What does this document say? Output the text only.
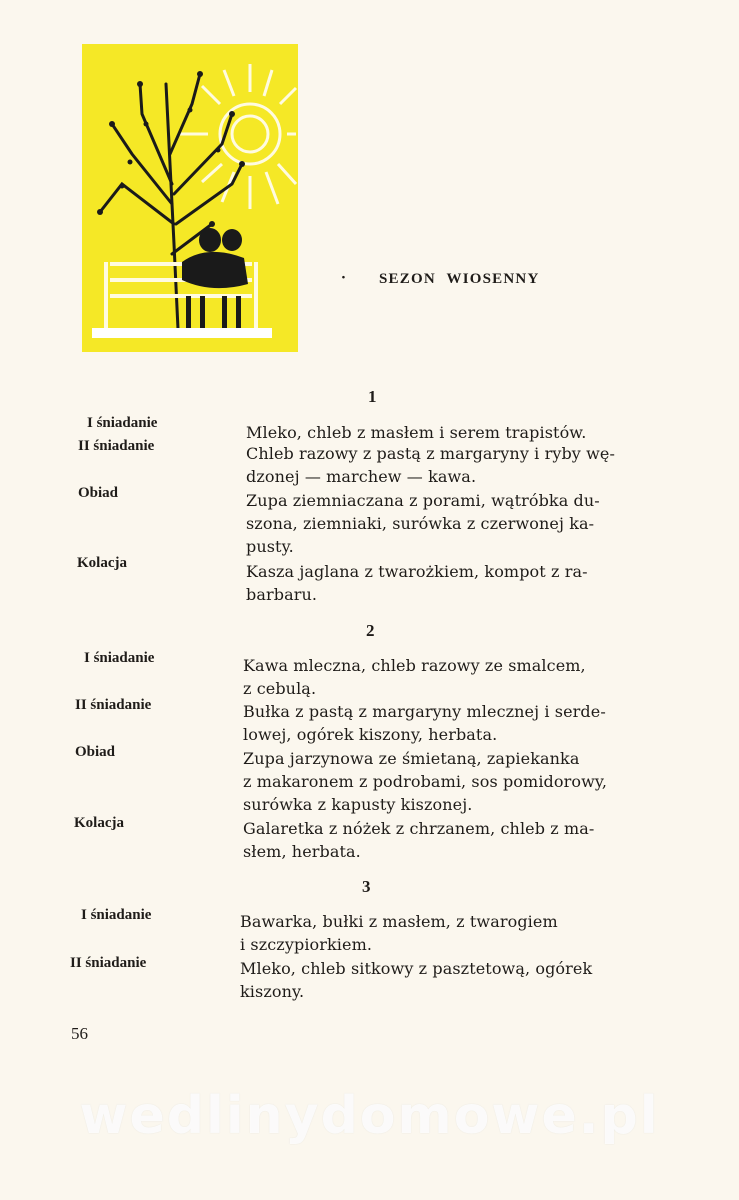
· SEZON WIOSENNY
1
I śniadanie	Mleko, chleb z masłem i serem trapistów.
II śniadanie	Chleb razowy z pastą z margaryny i ryby wę-
dzonej — marchew — kawa.
Obiad	Zupa ziemniaczana z porami, wątróbka du-
szona, ziemniaki, surówka z czerwonej ka-
pusty.
Kolacja	Kasza jaglana z twarożkiem, kompot z ra-
barbaru.
2
I śniadanie	Kawa mleczna, chleb razowy ze smalcem,
z cebulą.
II śniadanie	Bułka z pastą z margaryny mlecznej i serde-
lowej, ogórek kiszony, herbata.
Obiad	Zupa jarzynowa ze śmietaną, zapiekanka
z makaronem z podrobami, sos pomidorowy,
surówka z kapusty kiszonej.
Kolacja	Galaretka z nóżek z chrzanem, chleb z ma-
słem, herbata.
3
I śniadanie	Bawarka, bułki z masłem, z twarogiem
i szczypiorkiem.
II śniadanie	Mleko, chleb sitkowy z pasztetową, ogórek
kiszony.
56
wedlinydomowe.pl
